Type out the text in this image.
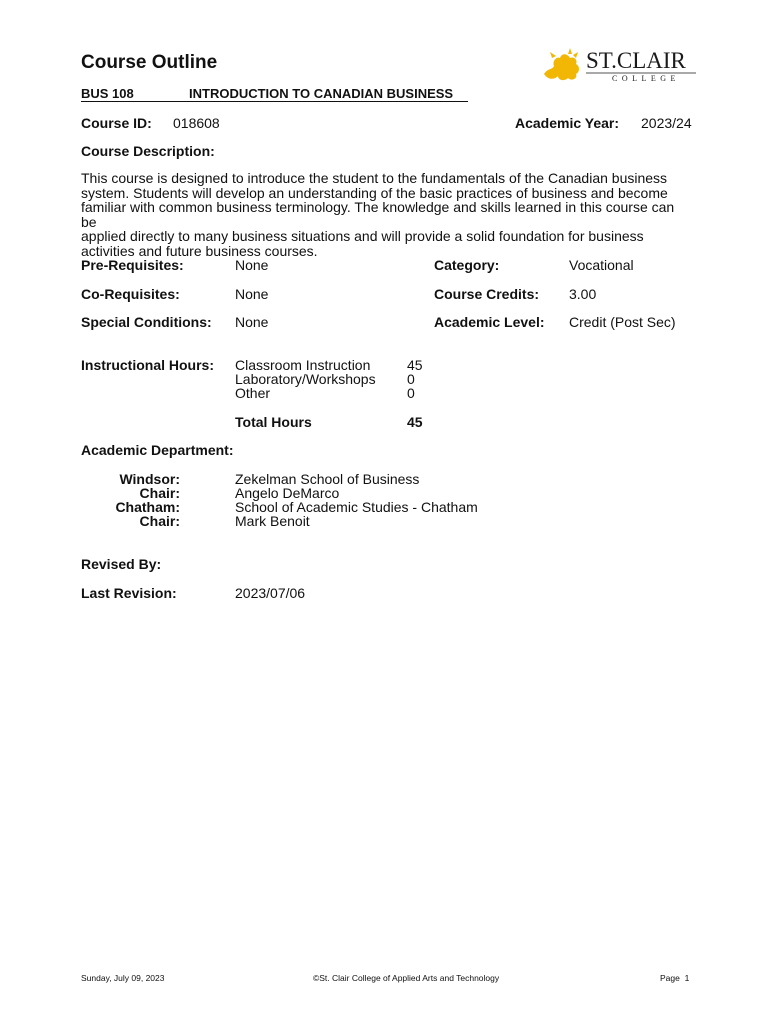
Course Outline	ST.CLAIR
COLLEGE
BUS 108	INTRODUCTION TO CANADIAN BUSINESS
Course ID: 018608	Academic Year: 2023/24
Course Description:
This course is designed to introduce the student to the fundamentals of the Canadian business
system. Students will develop an understanding of the basic practices of business and become
familiar with common business terminology. The knowledge and skills learned in this course can be
applied directly to many business situations and will provide a solid foundation for business
activities and future business courses.
Pre-Requisites:	None	Category:	Vocational
Co-Requisites:	None	Course Credits: 3.00
Special Conditions: None	Academic Level: Credit (Post Sec)
Instructional Hours: Classroom Instruction	45
Laboratory/Workshops 0
Other	0
Total Hours	45
Academic Department:
Windsor:	Zekelman School of Business
Chair:	Angelo DeMarco
Chatham:	School of Academic Studies - Chatham
Chair:	Mark Benoit
Revised By:
Last Revision:	2023/07/06
Sunday, July 09, 2023	©St. Clair College of Applied Arts and Technology	Page 1
